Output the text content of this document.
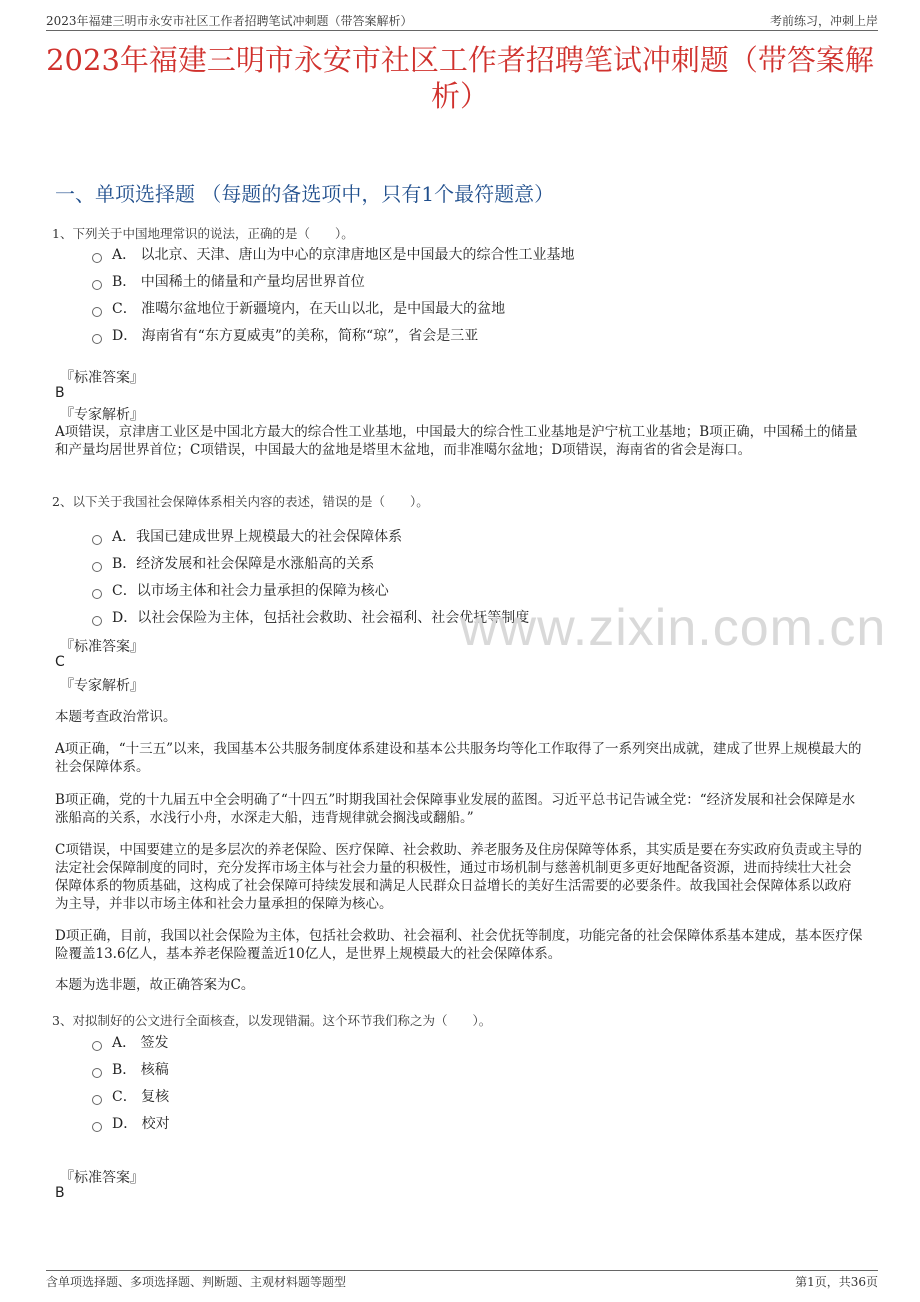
2023年福建三明市永安市社区工作者招聘笔试冲刺题（带答案解析）	考前练习，冲刺上岸
2023年福建三明市永安市社区工作者招聘笔试冲刺题（带答案解析）
一、单项选择题 （每题的备选项中，只有1个最符题意）
1、下列关于中国地理常识的说法，正确的是（　　）。
A． 以北京、天津、唐山为中心的京津唐地区是中国最大的综合性工业基地
B． 中国稀土的储量和产量均居世界首位
C． 准噶尔盆地位于新疆境内，在天山以北，是中国最大的盆地
D． 海南省有“东方夏威夷”的美称，简称“琼”，省会是三亚
『标准答案』
B
『专家解析』
A项错误，京津唐工业区是中国北方最大的综合性工业基地，中国最大的综合性工业基地是沪宁杭工业基地；B项正确，中国稀土的储量和产量均居世界首位；C项错误，中国最大的盆地是塔里木盆地，而非准噶尔盆地；D项错误，海南省的省会是海口。
2、以下关于我国社会保障体系相关内容的表述，错误的是（　　）。
A．我国已建成世界上规模最大的社会保障体系
B．经济发展和社会保障是水涨船高的关系
C．以市场主体和社会力量承担的保障为核心
D．以社会保险为主体，包括社会救助、社会福利、社会优抚等制度
www.zixin.com.cn
『标准答案』
C
『专家解析』
本题考查政治常识。
A项正确，“十三五”以来，我国基本公共服务制度体系建设和基本公共服务均等化工作取得了一系列突出成就，建成了世界上规模最大的社会保障体系。
B项正确，党的十九届五中全会明确了“十四五”时期我国社会保障事业发展的蓝图。习近平总书记告诫全党：“经济发展和社会保障是水涨船高的关系，水浅行小舟，水深走大船，违背规律就会搁浅或翻船。”
C项错误，中国要建立的是多层次的养老保险、医疗保障、社会救助、养老服务及住房保障等体系，其实质是要在夯实政府负责或主导的法定社会保障制度的同时，充分发挥市场主体与社会力量的积极性，通过市场机制与慈善机制更多更好地配备资源，进而持续壮大社会保障体系的物质基础，这构成了社会保障可持续发展和满足人民群众日益增长的美好生活需要的必要条件。故我国社会保障体系以政府为主导，并非以市场主体和社会力量承担的保障为核心。
D项正确，目前，我国以社会保险为主体，包括社会救助、社会福利、社会优抚等制度，功能完备的社会保障体系基本建成，基本医疗保险覆盖13.6亿人，基本养老保险覆盖近10亿人，是世界上规模最大的社会保障体系。
本题为选非题，故正确答案为C。
3、对拟制好的公文进行全面核查，以发现错漏。这个环节我们称之为（　　）。
A． 签发
B． 核稿
C． 复核
D． 校对
『标准答案』
B
含单项选择题、多项选择题、判断题、主观材料题等题型	第1页，共36页
